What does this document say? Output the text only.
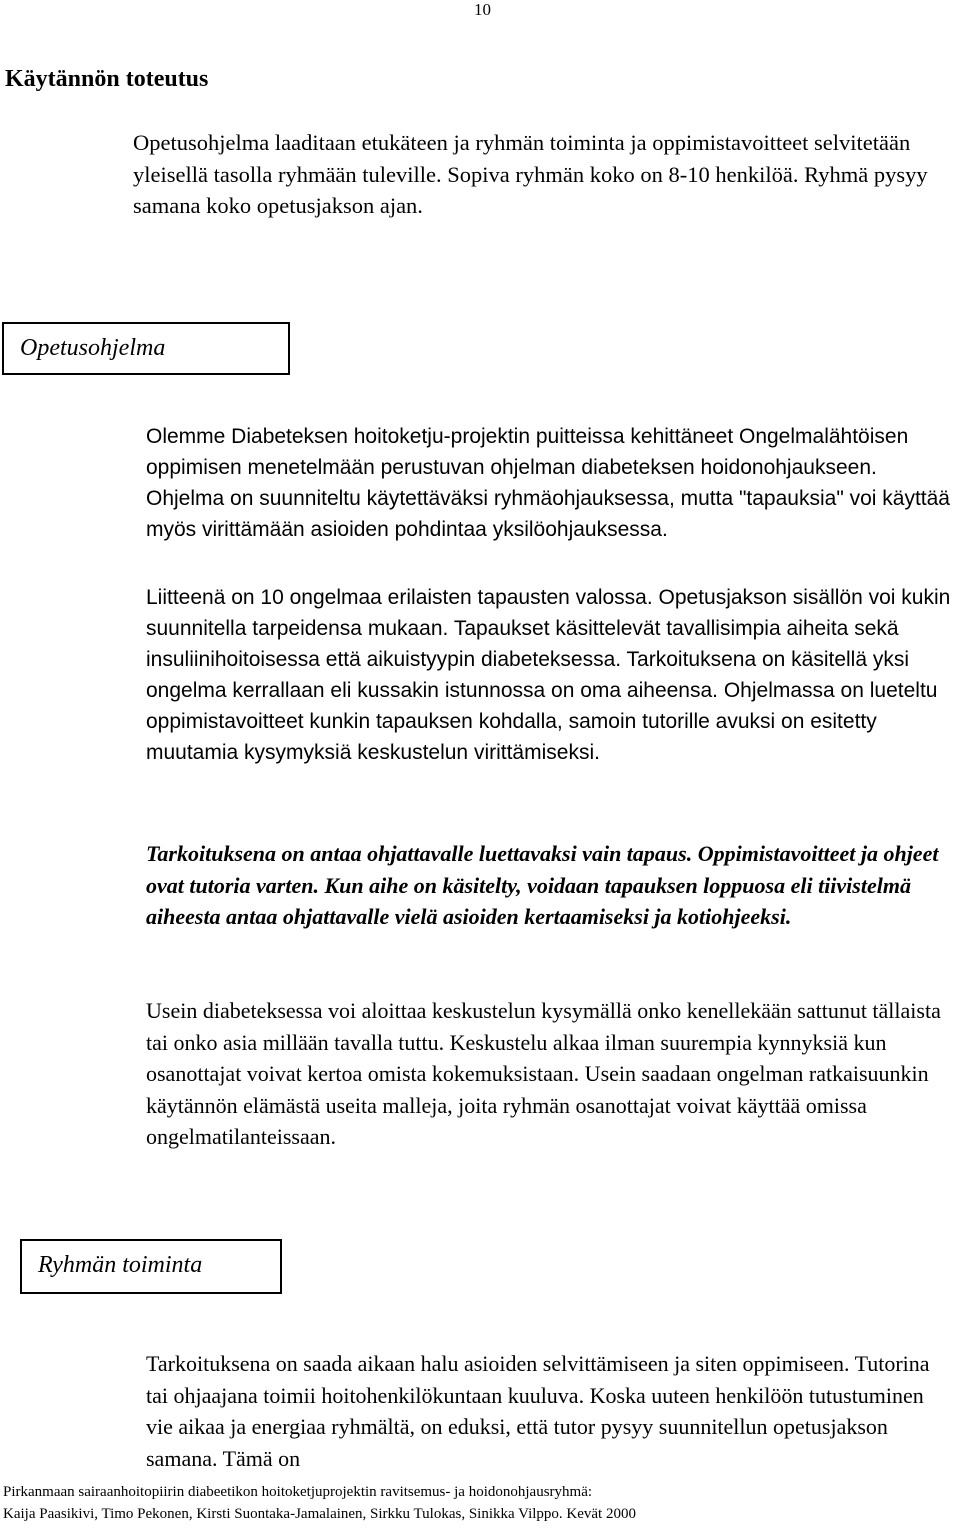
10
Käytännön toteutus

Opetusohjelma laaditaan etukäteen ja ryhmän toiminta ja oppimistavoitteet selvitetään yleisellä tasolla ryhmään tuleville. Sopiva ryhmän koko on 8-10 henkilöä. Ryhmä pysyy samana koko opetusjakson ajan.

Opetusohjelma

Olemme Diabeteksen hoitoketju-projektin puitteissa kehittäneet Ongelmalähtöisen oppimisen menetelmään perustuvan ohjelman diabeteksen hoidonohjaukseen. Ohjelma on suunniteltu käytettäväksi ryhmäohjauksessa, mutta "tapauksia" voi käyttää myös virittämään asioiden pohdintaa yksilöohjauksessa.

Liitteenä on 10 ongelmaa erilaisten tapausten valossa. Opetusjakson sisällön voi kukin suunnitella tarpeidensa mukaan. Tapaukset käsittelevät tavallisimpia aiheita sekä insuliinihoitoisessa että aikuistyypin diabeteksessa. Tarkoituksena on käsitellä yksi ongelma kerrallaan eli kussakin istunnossa on oma aiheensa. Ohjelmassa on lueteltu oppimistavoitteet kunkin tapauksen kohdalla, samoin tutorille avuksi on esitetty muutamia kysymyksiä keskustelun virittämiseksi.

Tarkoituksena on antaa ohjattavalle luettavaksi vain tapaus. Oppimistavoitteet ja ohjeet ovat tutoria varten. Kun aihe on käsitelty, voidaan tapauksen loppuosa eli tiivistelmä aiheesta antaa ohjattavalle vielä asioiden kertaamiseksi ja kotiohjeeksi.

Usein diabeteksessa voi aloittaa keskustelun kysymällä onko kenellekään sattunut tällaista tai onko asia millään tavalla tuttu. Keskustelu alkaa ilman suurempia kynnyksiä kun osanottajat voivat kertoa omista kokemuksistaan. Usein saadaan ongelman ratkaisuunkin käytännön elämästä useita malleja, joita ryhmän osanottajat voivat käyttää omissa ongelmatilanteissaan.

Ryhmän toiminta

Tarkoituksena on saada aikaan halu asioiden selvittämiseen ja siten oppimiseen. Tutorina tai ohjaajana toimii hoitohenkilökuntaan kuuluva. Koska uuteen henkilöön tutustuminen vie aikaa ja energiaa ryhmältä, on eduksi, että tutor pysyy suunnitellun opetusjakson samana. Tämä on

Pirkanmaan sairaanhoitopiirin diabeetikon hoitoketjuprojektin ravitsemus- ja hoidonohjausryhmä:
Kaija Paasikivi, Timo Pekonen, Kirsti Suontaka-Jamalainen, Sirkku Tulokas, Sinikka Vilppo. Kevät 2000
